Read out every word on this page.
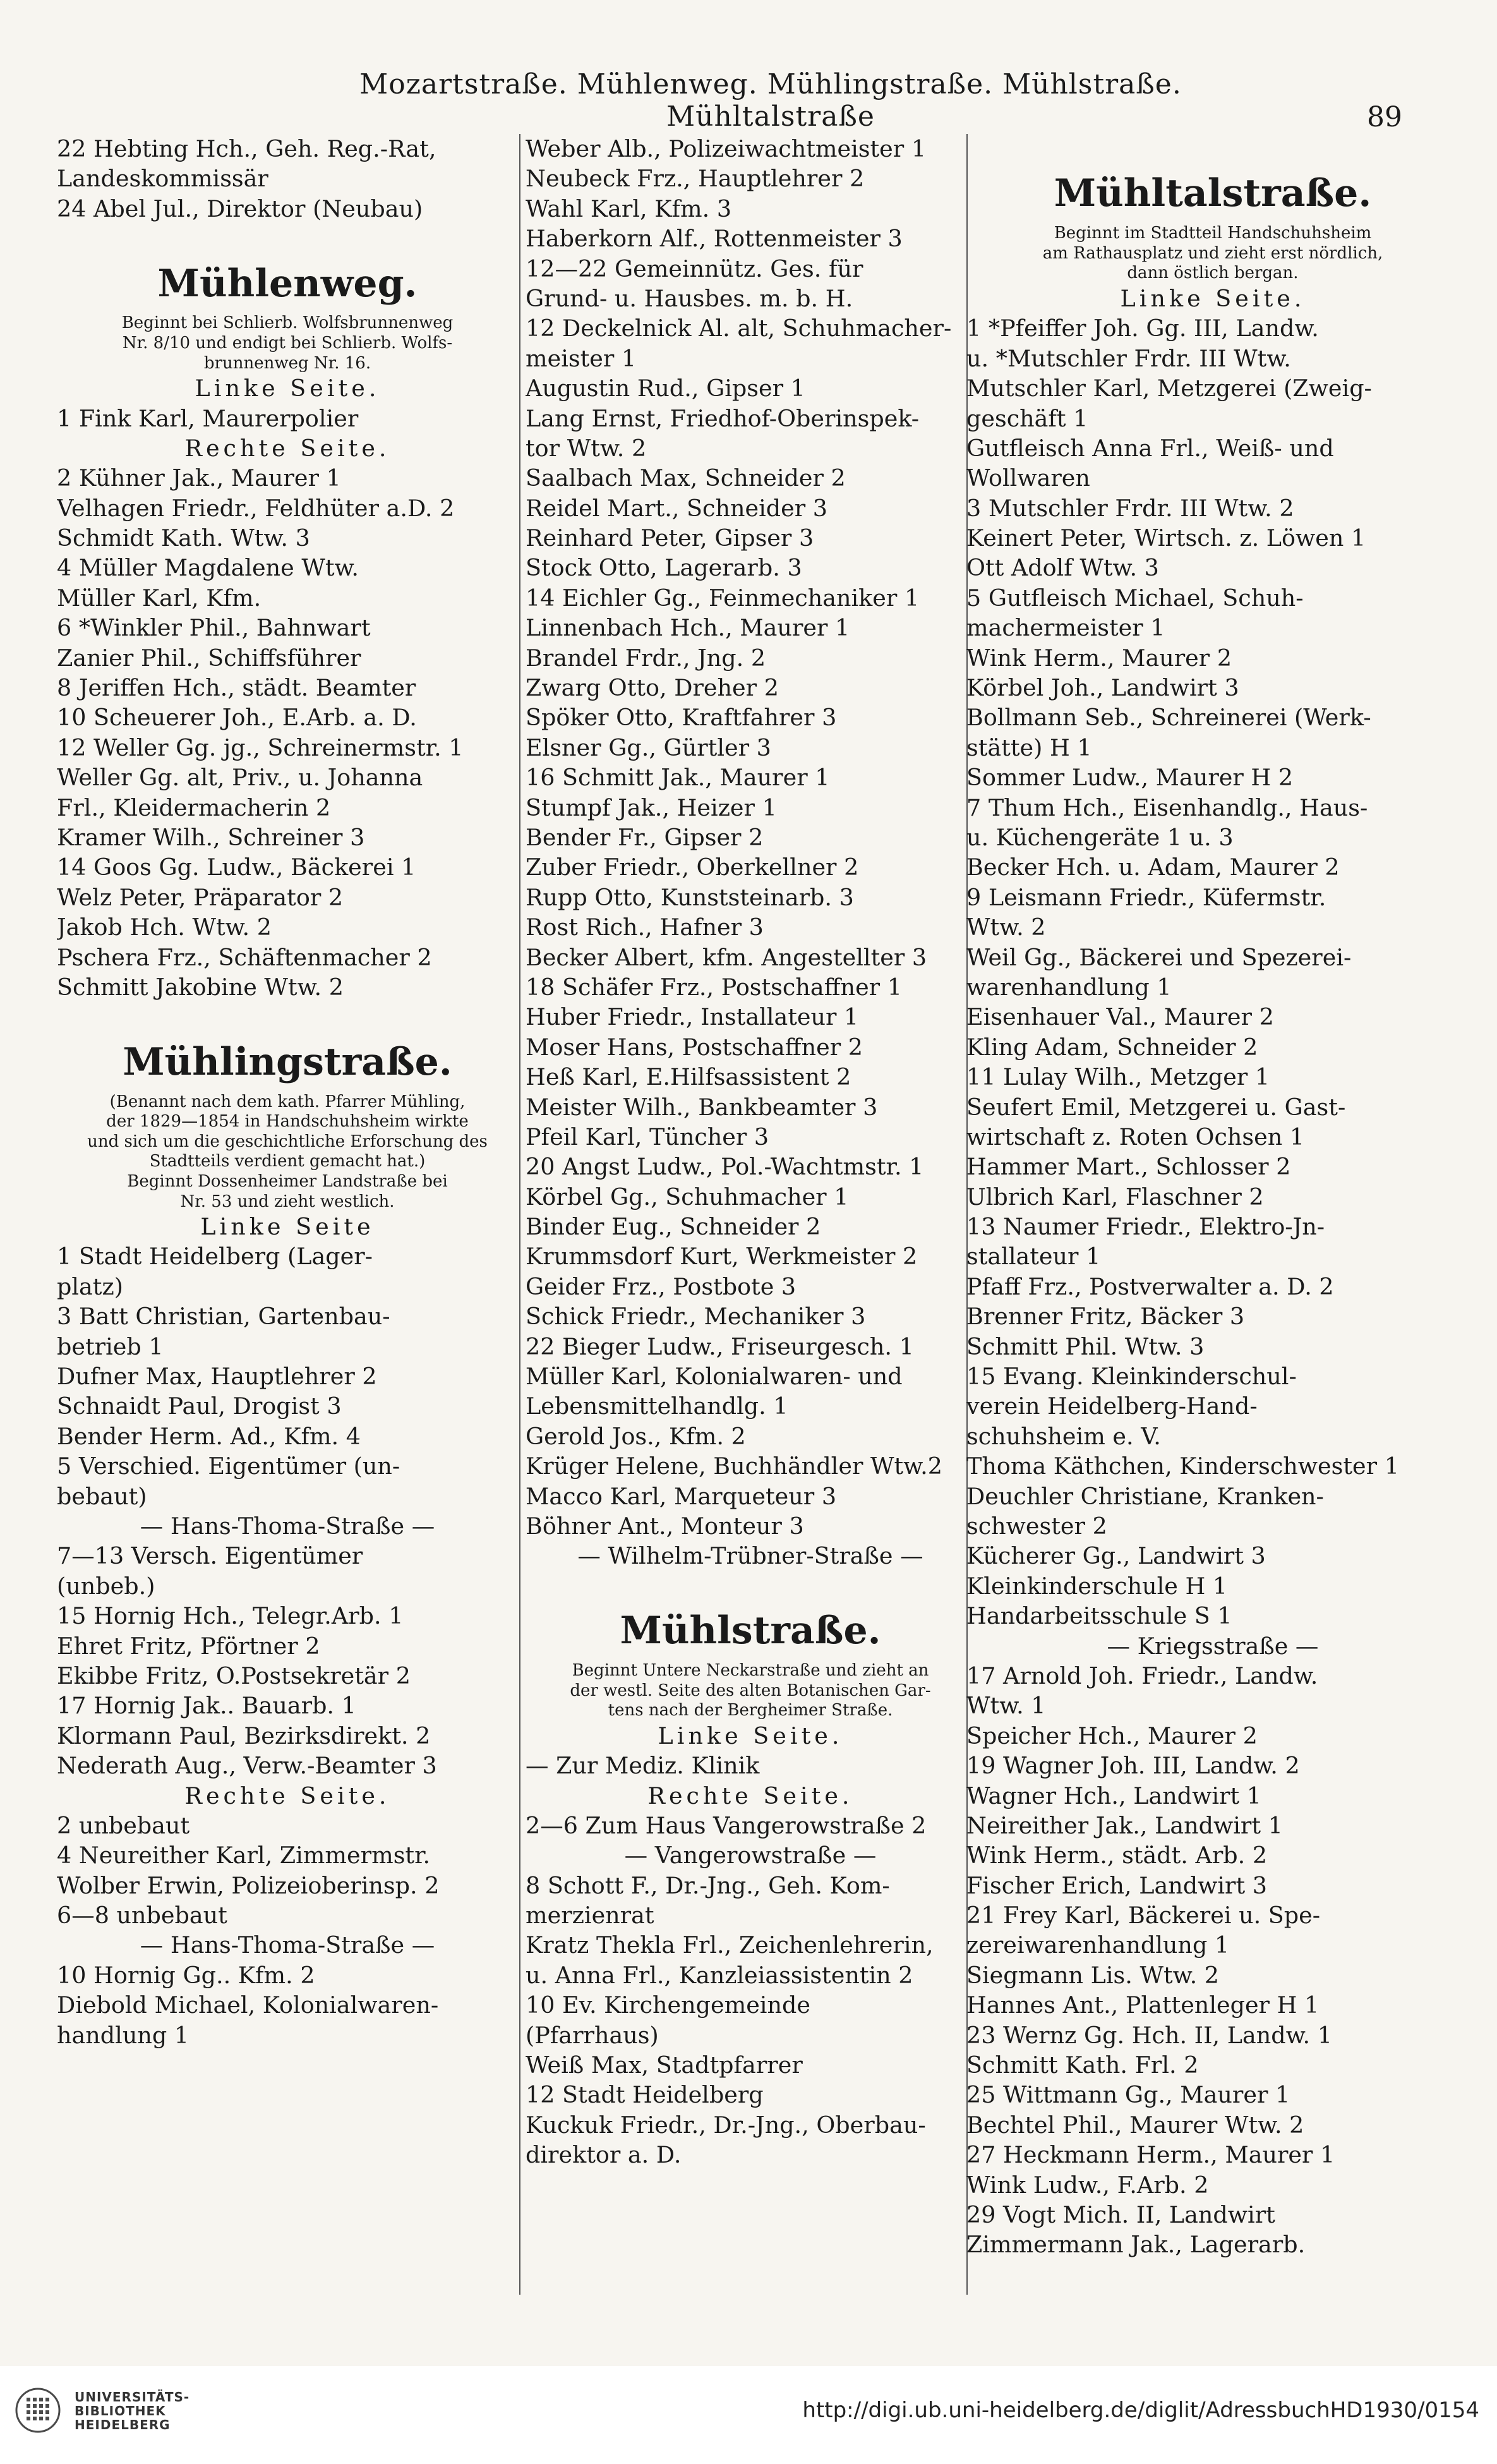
Mozartstraße. Mühlenweg. Mühlingstraße. Mühlstraße. Mühltalstraße	89
22 Hebting Hch., Geh. Reg.-Rat,
Landeskommissär
24 Abel Jul., Direktor (Neubau)
Mühlenweg.
Beginnt bei Schlierb. Wolfsbrunnenweg
Nr. 8/10 und endigt bei Schlierb. Wolfs-
brunnenweg Nr. 16.
Linke Seite.
1 Fink Karl, Maurerpolier
Rechte Seite.
2 Kühner Jak., Maurer 1
Velhagen Friedr., Feldhüter a.D. 2
Schmidt Kath. Wtw. 3
4 Müller Magdalene Wtw.
Müller Karl, Kfm.
6 *Winkler Phil., Bahnwart
Zanier Phil., Schiffsführer
8 Jeriffen Hch., städt. Beamter
10 Scheuerer Joh., E.Arb. a. D.
12 Weller Gg. jg., Schreinermstr. 1
Weller Gg. alt, Priv., u. Johanna
Frl., Kleidermacherin 2
Kramer Wilh., Schreiner 3
14 Goos Gg. Ludw., Bäckerei 1
Welz Peter, Präparator 2
Jakob Hch. Wtw. 2
Pschera Frz., Schäftenmacher 2
Schmitt Jakobine Wtw. 2
Mühlingstraße.
(Benannt nach dem kath. Pfarrer Mühling,
der 1829—1854 in Handschuhsheim wirkte
und sich um die geschichtliche Erforschung des
Stadtteils verdient gemacht hat.)
Beginnt Dossenheimer Landstraße bei
Nr. 53 und zieht westlich.
Linke Seite
1 Stadt Heidelberg (Lager-
platz)
3 Batt Christian, Gartenbau-
betrieb 1
Dufner Max, Hauptlehrer 2
Schnaidt Paul, Drogist 3
Bender Herm. Ad., Kfm. 4
5 Verschied. Eigentümer (un-
bebaut)
— Hans-Thoma-Straße —
7—13 Versch. Eigentümer
(unbeb.)
15 Hornig Hch., Telegr.Arb. 1
Ehret Fritz, Pförtner 2
Ekibbe Fritz, O.Postsekretär 2
17 Hornig Jak.. Bauarb. 1
Klormann Paul, Bezirksdirekt. 2
Nederath Aug., Verw.-Beamter 3
Rechte Seite.
2 unbebaut
4 Neureither Karl, Zimmermstr.
Wolber Erwin, Polizeioberinsp. 2
6—8 unbebaut
— Hans-Thoma-Straße —
10 Hornig Gg.. Kfm. 2
Diebold Michael, Kolonialwaren-
handlung 1
Weber Alb., Polizeiwachtmeister 1
Neubeck Frz., Hauptlehrer 2
Wahl Karl, Kfm. 3
Haberkorn Alf., Rottenmeister 3
12—22 Gemeinnütz. Ges. für
Grund- u. Hausbes. m. b. H.
12 Deckelnick Al. alt, Schuhmacher-
meister 1
Augustin Rud., Gipser 1
Lang Ernst, Friedhof-Oberinspek-
tor Wtw. 2
Saalbach Max, Schneider 2
Reidel Mart., Schneider 3
Reinhard Peter, Gipser 3
Stock Otto, Lagerarb. 3
14 Eichler Gg., Feinmechaniker 1
Linnenbach Hch., Maurer 1
Brandel Frdr., Jng. 2
Zwarg Otto, Dreher 2
Spöker Otto, Kraftfahrer 3
Elsner Gg., Gürtler 3
16 Schmitt Jak., Maurer 1
Stumpf Jak., Heizer 1
Bender Fr., Gipser 2
Zuber Friedr., Oberkellner 2
Rupp Otto, Kunststeinarb. 3
Rost Rich., Hafner 3
Becker Albert, kfm. Angestellter 3
18 Schäfer Frz., Postschaffner 1
Huber Friedr., Installateur 1
Moser Hans, Postschaffner 2
Heß Karl, E.Hilfsassistent 2
Meister Wilh., Bankbeamter 3
Pfeil Karl, Tüncher 3
20 Angst Ludw., Pol.-Wachtmstr. 1
Körbel Gg., Schuhmacher 1
Binder Eug., Schneider 2
Krummsdorf Kurt, Werkmeister 2
Geider Frz., Postbote 3
Schick Friedr., Mechaniker 3
22 Bieger Ludw., Friseurgesch. 1
Müller Karl, Kolonialwaren- und
Lebensmittelhandlg. 1
Gerold Jos., Kfm. 2
Krüger Helene, Buchhändler Wtw.2
Macco Karl, Marqueteur 3
Böhner Ant., Monteur 3
— Wilhelm-Trübner-Straße —
Mühlstraße.
Beginnt Untere Neckarstraße und zieht an
der westl. Seite des alten Botanischen Gar-
tens nach der Bergheimer Straße.
Linke Seite.
— Zur Mediz. Klinik
Rechte Seite.
2—6 Zum Haus Vangerowstraße 2
— Vangerowstraße —
8 Schott F., Dr.-Jng., Geh. Kom-
merzienrat
Kratz Thekla Frl., Zeichenlehrerin,
u. Anna Frl., Kanzleiassistentin 2
10 Ev. Kirchengemeinde
(Pfarrhaus)
Weiß Max, Stadtpfarrer
12 Stadt Heidelberg
Kuckuk Friedr., Dr.-Jng., Oberbau-
direktor a. D.
Mühltalstraße.
Beginnt im Stadtteil Handschuhsheim
am Rathausplatz und zieht erst nördlich,
dann östlich bergan.
Linke Seite.
1 *Pfeiffer Joh. Gg. III, Landw.
u. *Mutschler Frdr. III Wtw.
Mutschler Karl, Metzgerei (Zweig-
geschäft 1
Gutfleisch Anna Frl., Weiß- und
Wollwaren
3 Mutschler Frdr. III Wtw. 2
Keinert Peter, Wirtsch. z. Löwen 1
Ott Adolf Wtw. 3
5 Gutfleisch Michael, Schuh-
machermeister 1
Wink Herm., Maurer 2
Körbel Joh., Landwirt 3
Bollmann Seb., Schreinerei (Werk-
stätte) H 1
Sommer Ludw., Maurer H 2
7 Thum Hch., Eisenhandlg., Haus-
u. Küchengeräte 1 u. 3
Becker Hch. u. Adam, Maurer 2
9 Leismann Friedr., Küfermstr.
Wtw. 2
Weil Gg., Bäckerei und Spezerei-
warenhandlung 1
Eisenhauer Val., Maurer 2
Kling Adam, Schneider 2
11 Lulay Wilh., Metzger 1
Seufert Emil, Metzgerei u. Gast-
wirtschaft z. Roten Ochsen 1
Hammer Mart., Schlosser 2
Ulbrich Karl, Flaschner 2
13 Naumer Friedr., Elektro-Jn-
stallateur 1
Pfaff Frz., Postverwalter a. D. 2
Brenner Fritz, Bäcker 3
Schmitt Phil. Wtw. 3
15 Evang. Kleinkinderschul-
verein Heidelberg-Hand-
schuhsheim e. V.
Thoma Käthchen, Kinderschwester 1
Deuchler Christiane, Kranken-
schwester 2
Kücherer Gg., Landwirt 3
Kleinkinderschule H 1
Handarbeitsschule S 1
— Kriegsstraße —
17 Arnold Joh. Friedr., Landw.
Wtw. 1
Speicher Hch., Maurer 2
19 Wagner Joh. III, Landw. 2
Wagner Hch., Landwirt 1
Neireither Jak., Landwirt 1
Wink Herm., städt. Arb. 2
Fischer Erich, Landwirt 3
21 Frey Karl, Bäckerei u. Spe-
zereiwarenhandlung 1
Siegmann Lis. Wtw. 2
Hannes Ant., Plattenleger H 1
23 Wernz Gg. Hch. II, Landw. 1
Schmitt Kath. Frl. 2
25 Wittmann Gg., Maurer 1
Bechtel Phil., Maurer Wtw. 2
27 Heckmann Herm., Maurer 1
Wink Ludw., F.Arb. 2
29 Vogt Mich. II, Landwirt
Zimmermann Jak., Lagerarb.
UNIVERSITÄTS-
BIBLIOTHEK
HEIDELBERG
http://digi.ub.uni-heidelberg.de/diglit/AdressbuchHD1930/0154
